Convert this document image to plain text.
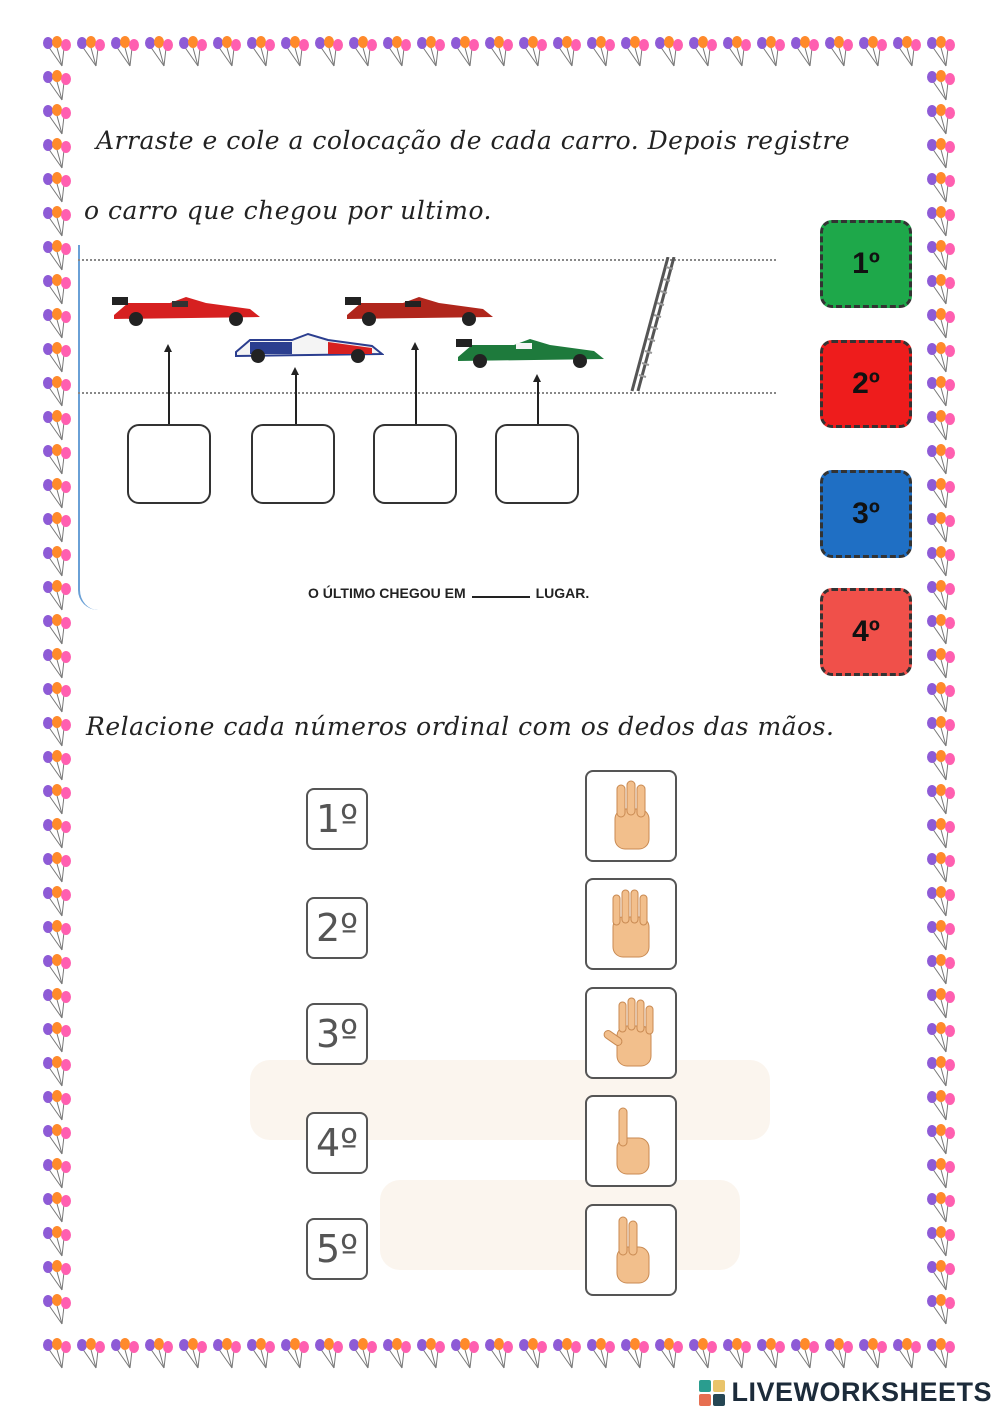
Arraste e cole a colocação de cada carro. Depois registre
o carro que chegou por ultimo.
O ÚLTIMO CHEGOU EM	LUGAR.
1º
2º
3º
4º
Relacione cada números ordinal com os dedos das mãos.
1º
2º
3º
4º
5º
LIVEWORKSHEETS
